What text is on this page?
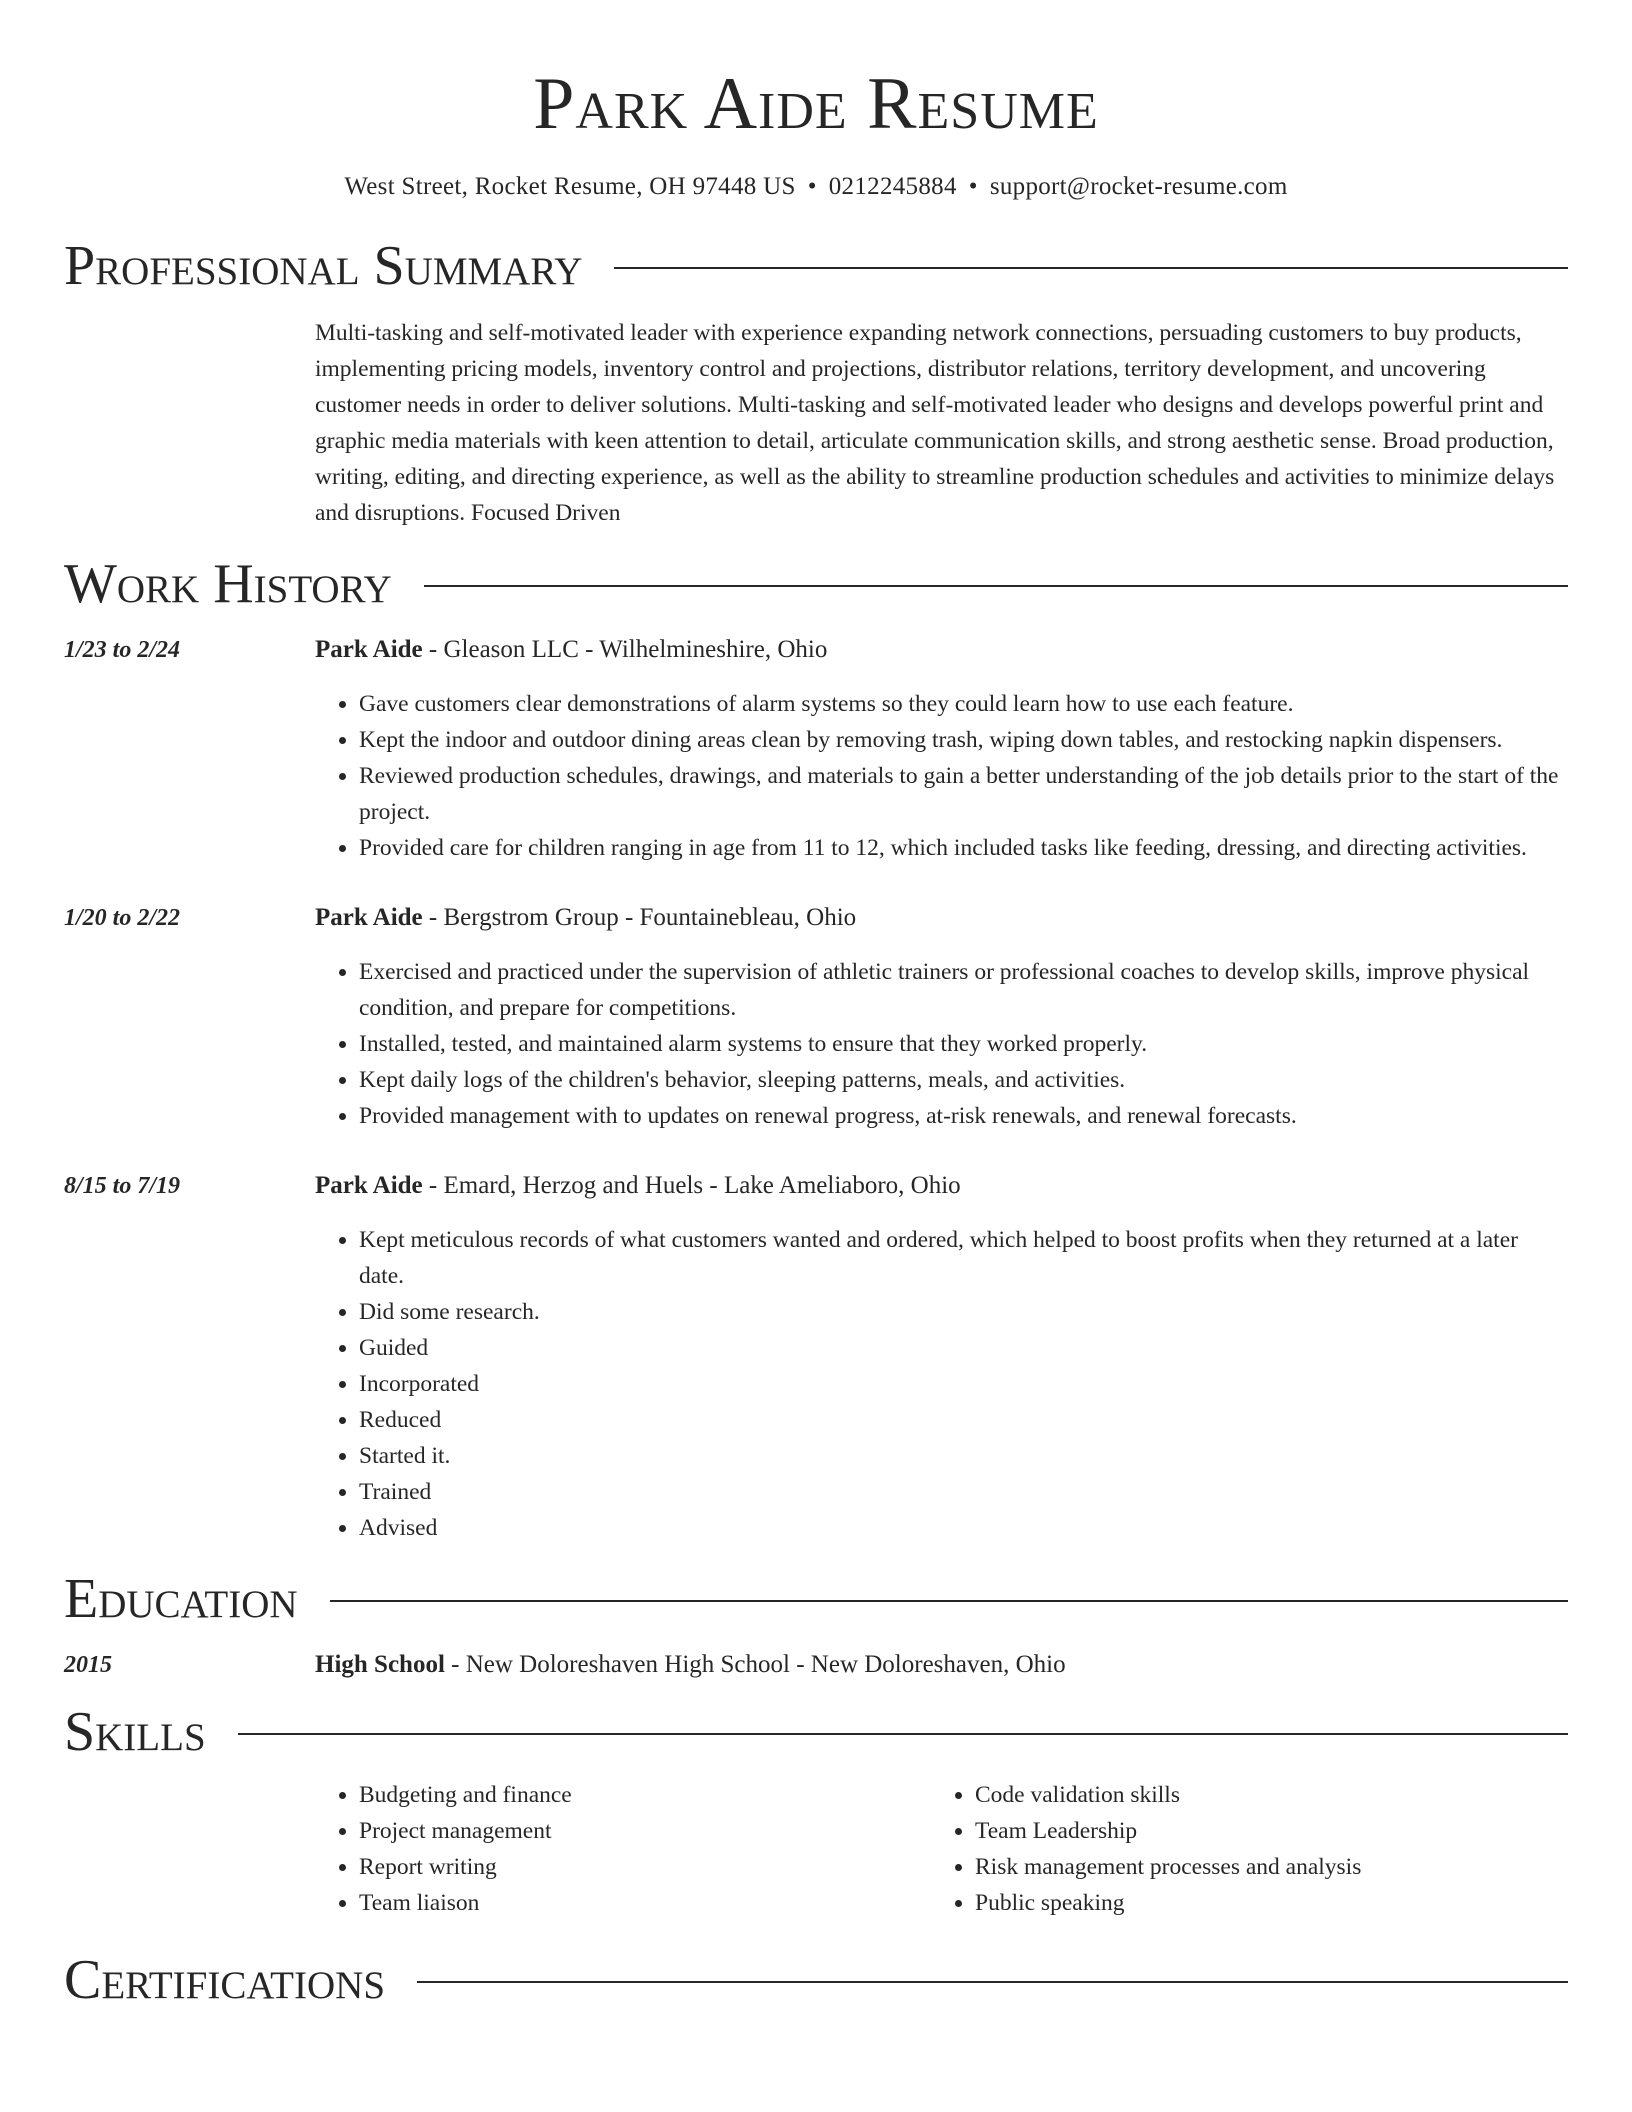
Park Aide Resume
West Street, Rocket Resume, OH 97448 US • 0212245884 • support@rocket-resume.com
Professional Summary
Multi-tasking and self-motivated leader with experience expanding network connections, persuading customers to buy products, implementing pricing models, inventory control and projections, distributor relations, territory development, and uncovering customer needs in order to deliver solutions. Multi-tasking and self-motivated leader who designs and develops powerful print and graphic media materials with keen attention to detail, articulate communication skills, and strong aesthetic sense. Broad production, writing, editing, and directing experience, as well as the ability to streamline production schedules and activities to minimize delays and disruptions. Focused Driven
Work History
1/23 to 2/24	Park Aide - Gleason LLC - Wilhelmineshire, Ohio
• Gave customers clear demonstrations of alarm systems so they could learn how to use each feature.
• Kept the indoor and outdoor dining areas clean by removing trash, wiping down tables, and restocking napkin dispensers.
• Reviewed production schedules, drawings, and materials to gain a better understanding of the job details prior to the start of the project.
• Provided care for children ranging in age from 11 to 12, which included tasks like feeding, dressing, and directing activities.
1/20 to 2/22	Park Aide - Bergstrom Group - Fountainebleau, Ohio
• Exercised and practiced under the supervision of athletic trainers or professional coaches to develop skills, improve physical condition, and prepare for competitions.
• Installed, tested, and maintained alarm systems to ensure that they worked properly.
• Kept daily logs of the children's behavior, sleeping patterns, meals, and activities.
• Provided management with to updates on renewal progress, at-risk renewals, and renewal forecasts.
8/15 to 7/19	Park Aide - Emard, Herzog and Huels - Lake Ameliaboro, Ohio
• Kept meticulous records of what customers wanted and ordered, which helped to boost profits when they returned at a later date.
• Did some research.
• Guided
• Incorporated
• Reduced
• Started it.
• Trained
• Advised
Education
2015	High School - New Doloreshaven High School - New Doloreshaven, Ohio
Skills
• Budgeting and finance
• Project management
• Report writing
• Team liaison
• Code validation skills
• Team Leadership
• Risk management processes and analysis
• Public speaking
Certifications
